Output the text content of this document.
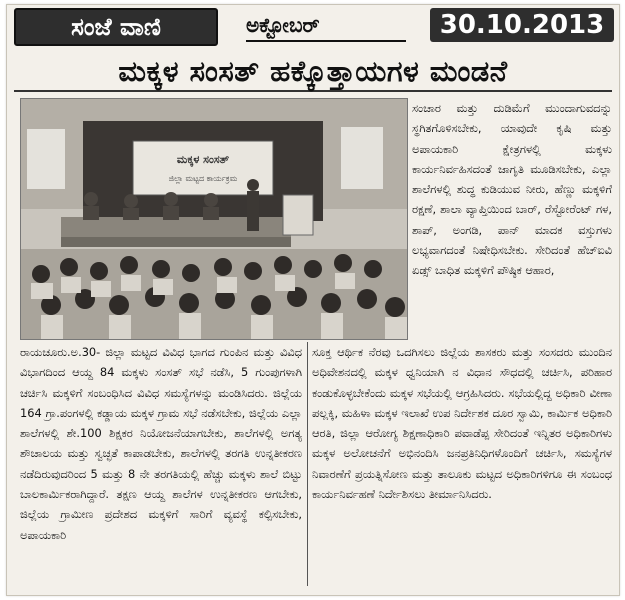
ಸಂಜೆ ವಾಣಿ	ಅಕ್ಟೋಬರ್	30.10.2013
ಮಕ್ಕಳ ಸಂಸತ್ ಹಕ್ಕೊತ್ತಾಯಗಳ ಮಂಡನೆ
ಮಕ್ಕಳ ಸಂಸತ್
ಜಿಲ್ಲಾ ಮಟ್ಟದ ಕಾರ್ಯಕ್ರಮ
ಸಂಚಾರ ಮತ್ತು ದುಡಿಮೆಗೆ ಮುಂದಾಗುವದನ್ನು ಸ್ಥಗಿತಗೊಳಿಸಬೇಕು, ಯಾವುದೇ ಕೃಷಿ ಮತ್ತು ಅಪಾಯಕಾರಿ ಕ್ಷೇತ್ರಗಳಲ್ಲಿ ಮಕ್ಕಳು ಕಾರ್ಯನಿರ್ವಹಿಸದಂತೆ ಜಾಗೃತಿ ಮೂಡಿಸಬೇಕು, ಎಲ್ಲಾ ಶಾಲೆಗಳಲ್ಲಿ ಶುದ್ಧ ಕುಡಿಯುವ ನೀರು, ಹೆಣ್ಣು ಮಕ್ಕಳಿಗೆ ರಕ್ಷಣೆ, ಶಾಲಾ ವ್ಯಾಪ್ತಿಯಿಂದ ಬಾರ್, ರೆಸ್ಟೋರೆಂಟ್ ಗಳ, ಶಾಪ್, ಅಂಗಡಿ, ಪಾನ್ ಮಾದಕ ವಸ್ತುಗಳು ಲಭ್ಯವಾಗದಂತೆ ನಿಷೇಧಿಸಬೇಕು. ಸೇರಿದಂತೆ ಹೆಚ್‌ಐವಿ ಏಡ್ಸ್ ಬಾಧಿತ ಮಕ್ಕಳಿಗೆ ಪೌಷ್ಠಿಕ ಆಹಾರ,
ರಾಯಚೂರು.ಅ.30- ಜಿಲ್ಲಾ ಮಟ್ಟದ ವಿವಿಧ ಭಾಗದ ಗುಂಪಿನ ಮತ್ತು ವಿವಿಧ ವಿಭಾಗದಿಂದ ಆಯ್ದ 84 ಮಕ್ಕಳು ಸಂಸತ್ ಸಭೆ ನಡೆಸಿ, 5 ಗುಂಪುಗಳಾಗಿ ಚರ್ಚಿಸಿ ಮಕ್ಕಳಿಗೆ ಸಂಬಂಧಿಸಿದ ವಿವಿಧ ಸಮಸ್ಯೆಗಳನ್ನು ಮಂಡಿಸಿದರು. ಜಿಲ್ಲೆಯ 164 ಗ್ರಾ.ಪಂಗಳಲ್ಲಿ ಕಡ್ಡಾಯ ಮಕ್ಕಳ ಗ್ರಾಮ ಸಭೆ ನಡೆಸಬೇಕು, ಜಿಲ್ಲೆಯ ಎಲ್ಲಾ ಶಾಲೆಗಳಲ್ಲಿ ಶೇ.100 ಶಿಕ್ಷಕರ ನಿಯೋಜನೆಯಾಗಬೇಕು, ಶಾಲೆಗಳಲ್ಲಿ ಅಗತ್ಯ ಶೌಚಾಲಯ ಮತ್ತು ಸ್ವಚ್ಛತೆ ಕಾಪಾಡಬೇಕು, ಶಾಲೆಗಳಲ್ಲಿ ತರಗತಿ ಉನ್ನತೀಕರಣ ನಡೆದಿರುವುದರಿಂದ 5 ಮತ್ತು 8 ನೇ ತರಗತಿಯಲ್ಲಿ ಹೆಚ್ಚು ಮಕ್ಕಳು ಶಾಲೆ ಬಿಟ್ಟು ಬಾಲಕಾರ್ಮಿಕರಾಗಿದ್ದಾರೆ. ತಕ್ಷಣ ಆಯ್ದ ಶಾಲೆಗಳ ಉನ್ನತೀಕರಣ ಆಗಬೇಕು, ಜಿಲ್ಲೆಯ ಗ್ರಾಮೀಣ ಪ್ರದೇಶದ ಮಕ್ಕಳಿಗೆ ಸಾರಿಗೆ ವ್ಯವಸ್ಥೆ ಕಲ್ಪಿಸಬೇಕು, ಅಪಾಯಕಾರಿ
ಸೂಕ್ತ ಆರ್ಥಿಕ ನೆರವು ಒದಗಿಸಲು ಜಿಲ್ಲೆಯ ಶಾಸಕರು ಮತ್ತು ಸಂಸದರು ಮುಂದಿನ ಅಧಿವೇಶನದಲ್ಲಿ ಮಕ್ಕಳ ಧ್ವನಿಯಾಗಿ ನ ವಿಧಾನ ಸೌಧದಲ್ಲಿ ಚರ್ಚಿಸಿ, ಪರಿಹಾರ ಕಂಡುಕೊಳ್ಳಬೇಕೆಂದು ಮಕ್ಕಳ ಸಭೆಯಲ್ಲಿ ಆಗ್ರಹಿಸಿದರು. ಸಭೆಯಲ್ಲಿದ್ದ ಅಧಿಕಾರಿ ವೀಣಾ ಪಲ್ಲಕ್ಕಿ, ಮಹಿಳಾ ಮಕ್ಕಳ ಇಲಾಖೆ ಉಪ ನಿರ್ದೇಶಕ ದೂರ ಸ್ವಾಮಿ, ಕಾರ್ಮಿಕ ಅಧಿಕಾರಿ ಆರತಿ, ಜಿಲ್ಲಾ ಆರೋಗ್ಯ ಶಿಕ್ಷಣಾಧಿಕಾರಿ ಪವಾಡೆಪ್ಪ ಸೇರಿದಂತೆ ಇನ್ನಿತರ ಅಧಿಕಾರಿಗಳು ಮಕ್ಕಳ ಅಲೋಚನೆಗೆ ಅಭಿನಂದಿಸಿ ಜನಪ್ರತಿನಿಧಿಗಳೊಂದಿಗೆ ಚರ್ಚಿಸಿ, ಸಮಸ್ಯೆಗಳ ನಿವಾರಣೆಗೆ ಪ್ರಯತ್ನಿಸೋಣ ಮತ್ತು ತಾಲೂಕು ಮಟ್ಟದ ಅಧಿಕಾರಿಗಳಿಗೂ ಈ ಸಂಬಂಧ ಕಾರ್ಯನಿರ್ವಹಣೆ ನಿರ್ದೇಶಿಸಲು ತೀರ್ಮಾನಿಸಿದರು.
